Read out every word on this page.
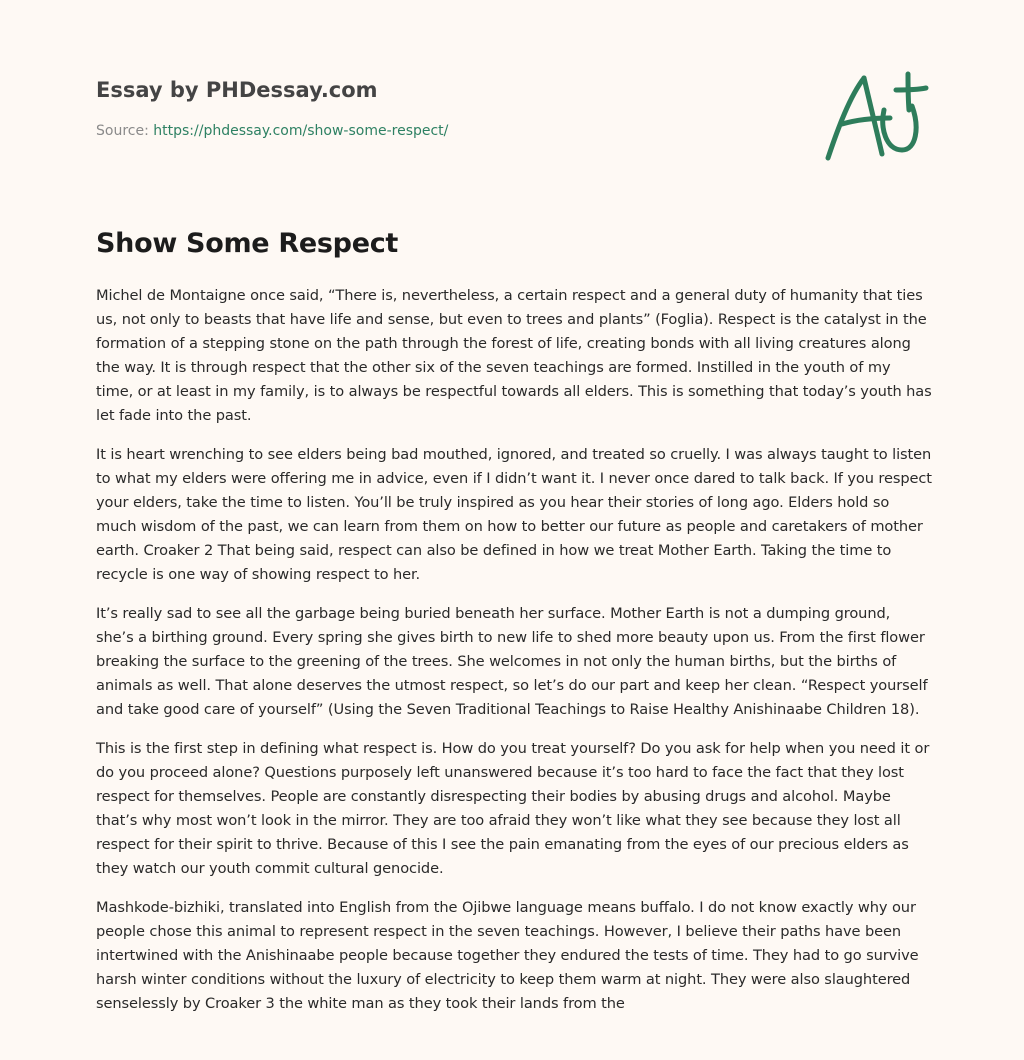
Essay by PHDessay.com
Source: https://phdessay.com/show-some-respect/
Show Some Respect

Michel de Montaigne once said, “There is, nevertheless, a certain respect and a general duty of humanity that ties us, not only to beasts that have life and sense, but even to trees and plants” (Foglia). Respect is the catalyst in the formation of a stepping stone on the path through the forest of life, creating bonds with all living creatures along the way. It is through respect that the other six of the seven teachings are formed. Instilled in the youth of my time, or at least in my family, is to always be respectful towards all elders. This is something that today’s youth has let fade into the past.

It is heart wrenching to see elders being bad mouthed, ignored, and treated so cruelly. I was always taught to listen to what my elders were offering me in advice, even if I didn’t want it. I never once dared to talk back. If you respect your elders, take the time to listen. You’ll be truly inspired as you hear their stories of long ago. Elders hold so much wisdom of the past, we can learn from them on how to better our future as people and caretakers of mother earth. Croaker 2 That being said, respect can also be defined in how we treat Mother Earth. Taking the time to recycle is one way of showing respect to her.

It’s really sad to see all the garbage being buried beneath her surface. Mother Earth is not a dumping ground, she’s a birthing ground. Every spring she gives birth to new life to shed more beauty upon us. From the first flower breaking the surface to the greening of the trees. She welcomes in not only the human births, but the births of animals as well. That alone deserves the utmost respect, so let’s do our part and keep her clean. “Respect yourself and take good care of yourself” (Using the Seven Traditional Teachings to Raise Healthy Anishinaabe Children 18).

This is the first step in defining what respect is. How do you treat yourself? Do you ask for help when you need it or do you proceed alone? Questions purposely left unanswered because it’s too hard to face the fact that they lost respect for themselves. People are constantly disrespecting their bodies by abusing drugs and alcohol. Maybe that’s why most won’t look in the mirror. They are too afraid they won’t like what they see because they lost all respect for their spirit to thrive. Because of this I see the pain emanating from the eyes of our precious elders as they watch our youth commit cultural genocide.

Mashkode-bizhiki, translated into English from the Ojibwe language means buffalo. I do not know exactly why our people chose this animal to represent respect in the seven teachings. However, I believe their paths have been intertwined with the Anishinaabe people because together they endured the tests of time. They had to go survive harsh winter conditions without the luxury of electricity to keep them warm at night. They were also slaughtered senselessly by Croaker 3 the white man as they took their lands from the
